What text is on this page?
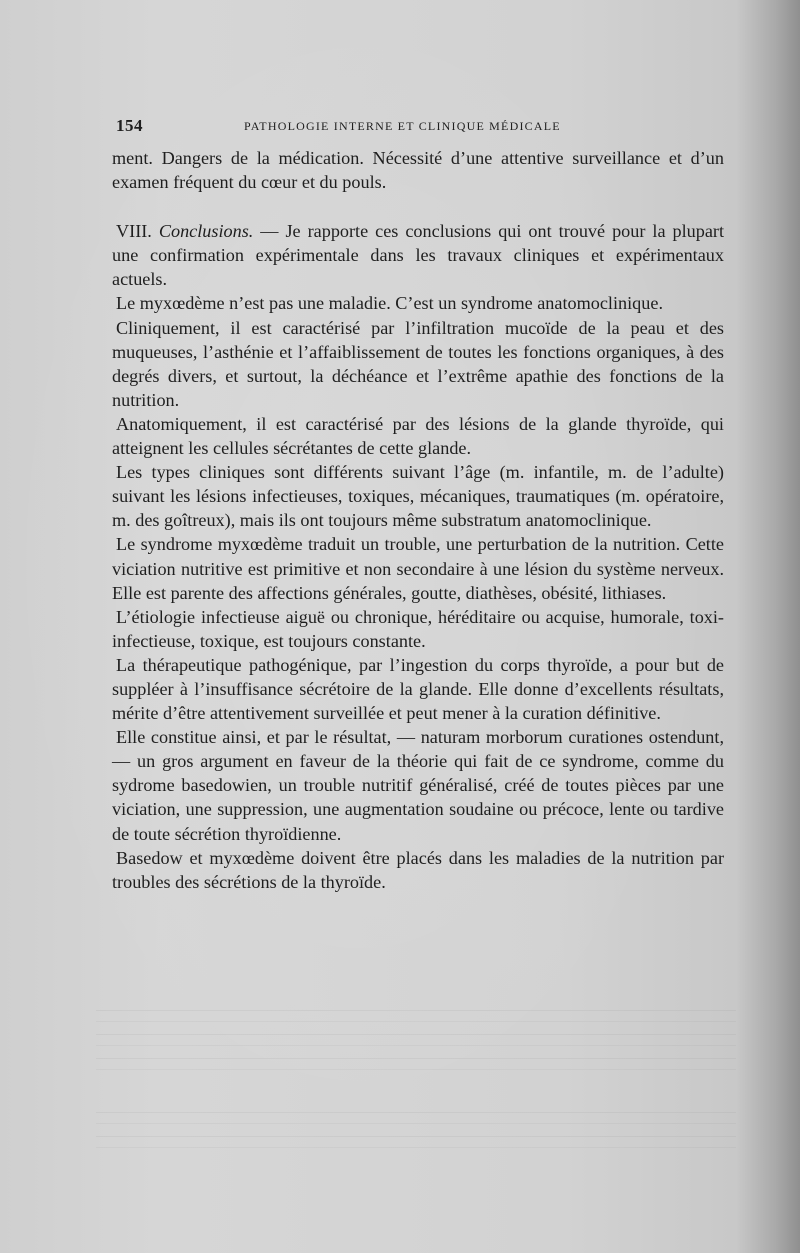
154	PATHOLOGIE INTERNE ET CLINIQUE MÉDICALE

ment. Dangers de la médication. Nécessité d’une attentive surveillance et d’un examen fréquent du cœur et du pouls.

VIII. Conclusions. — Je rapporte ces conclusions qui ont trouvé pour la plupart une confirmation expérimentale dans les travaux cliniques et expérimentaux actuels.

Le myxœdème n’est pas une maladie. C’est un syndrome anatomoclinique.

Cliniquement, il est caractérisé par l’infiltration mucoïde de la peau et des muqueuses, l’asthénie et l’affaiblissement de toutes les fonctions organiques, à des degrés divers, et surtout, la déchéance et l’extrême apathie des fonctions de la nutrition.

Anatomiquement, il est caractérisé par des lésions de la glande thyroïde, qui atteignent les cellules sécrétantes de cette glande.

Les types cliniques sont différents suivant l’âge (m. infantile, m. de l’adulte) suivant les lésions infectieuses, toxiques, mécaniques, traumatiques (m. opératoire, m. des goîtreux), mais ils ont toujours même substratum anatomoclinique.

Le syndrome myxœdème traduit un trouble, une perturbation de la nutrition. Cette viciation nutritive est primitive et non secondaire à une lésion du système nerveux. Elle est parente des affections générales, goutte, diathèses, obésité, lithiases.

L’étiologie infectieuse aiguë ou chronique, héréditaire ou acquise, humorale, toxi-infectieuse, toxique, est toujours constante.

La thérapeutique pathogénique, par l’ingestion du corps thyroïde, a pour but de suppléer à l’insuffisance sécrétoire de la glande. Elle donne d’excellents résultats, mérite d’être attentivement surveillée et peut mener à la curation définitive.

Elle constitue ainsi, et par le résultat, — naturam morborum curationes ostendunt, — un gros argument en faveur de la théorie qui fait de ce syndrome, comme du sydrome basedowien, un trouble nutritif généralisé, créé de toutes pièces par une viciation, une suppression, une augmentation soudaine ou précoce, lente ou tardive de toute sécrétion thyroïdienne.

Basedow et myxœdème doivent être placés dans les maladies de la nutrition par troubles des sécrétions de la thyroïde.
